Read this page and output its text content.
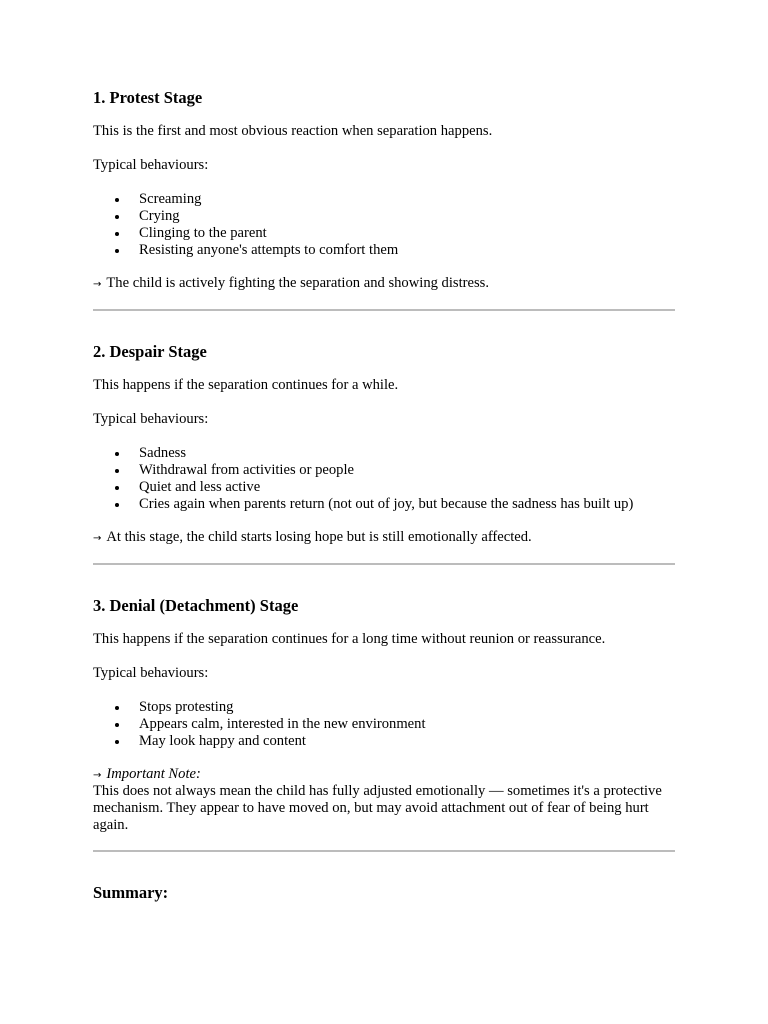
1. Protest Stage

This is the first and most obvious reaction when separation happens.

Typical behaviours:

Screaming
Crying
Clinging to the parent
Resisting anyone's attempts to comfort them

→ The child is actively fighting the separation and showing distress.

2. Despair Stage

This happens if the separation continues for a while.

Typical behaviours:

Sadness
Withdrawal from activities or people
Quiet and less active
Cries again when parents return (not out of joy, but because the sadness has built up)

→ At this stage, the child starts losing hope but is still emotionally affected.

3. Denial (Detachment) Stage

This happens if the separation continues for a long time without reunion or reassurance.

Typical behaviours:

Stops protesting
Appears calm, interested in the new environment
May look happy and content

→ Important Note:

This does not always mean the child has fully adjusted emotionally — sometimes it's a protective mechanism. They appear to have moved on, but may avoid attachment out of fear of being hurt again.

Summary:
